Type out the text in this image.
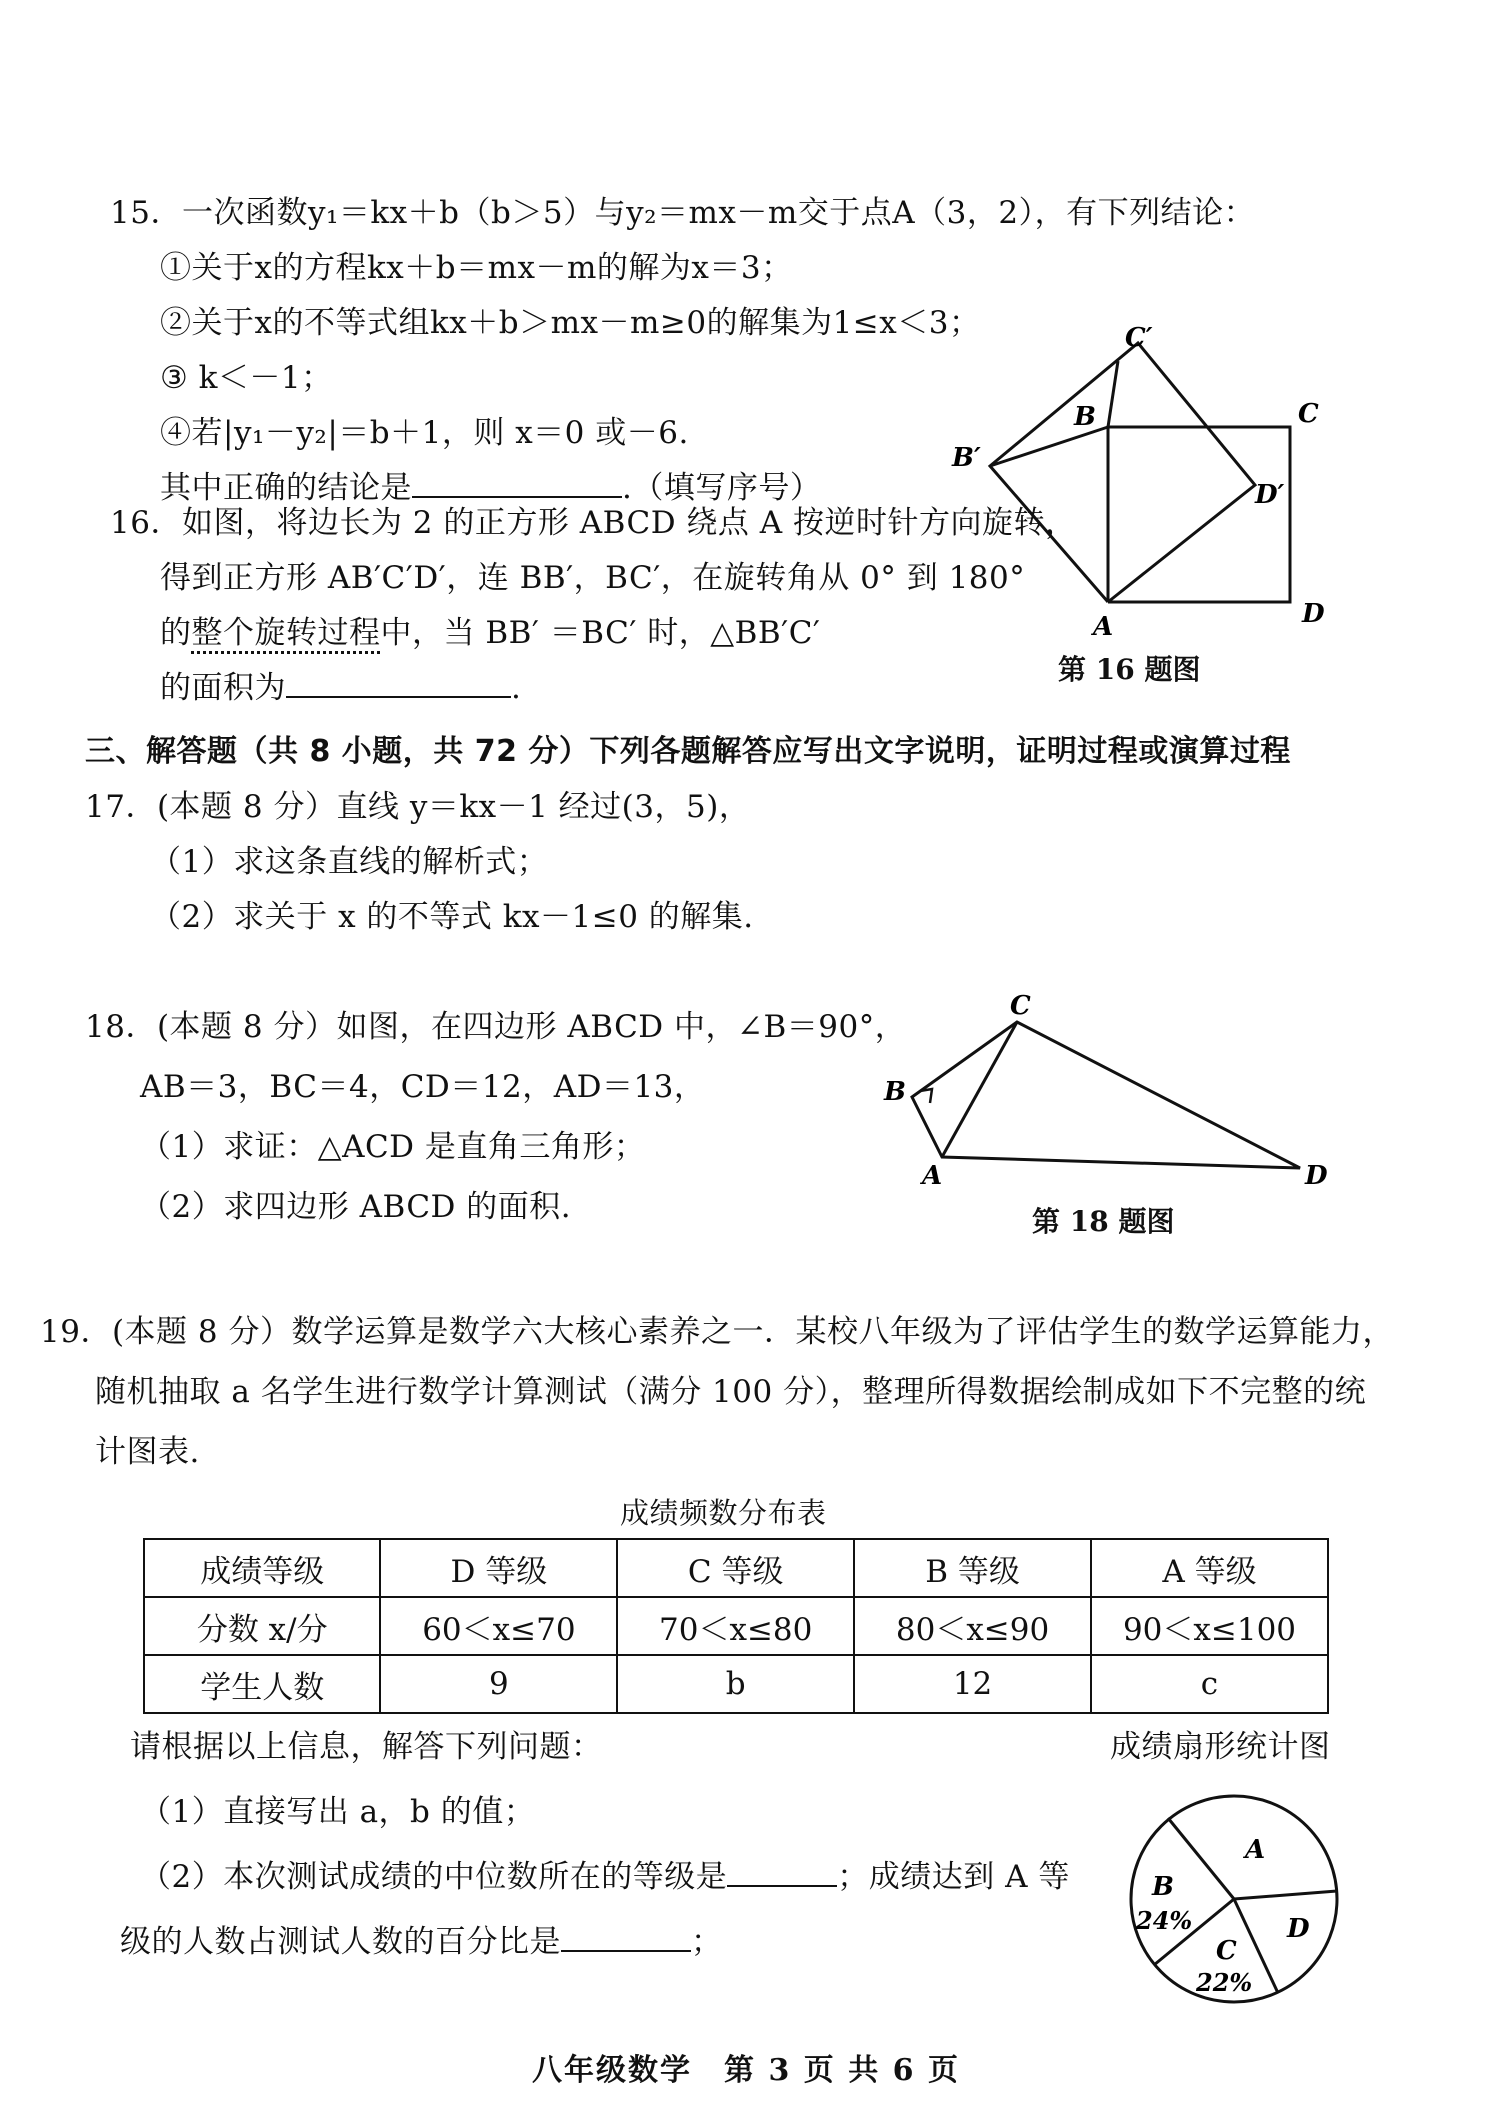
15．一次函数y₁＝kx＋b（b＞5）与y₂＝mx－m交于点A（3，2），有下列结论：
①关于x的方程kx＋b＝mx－m的解为x＝3；
②关于x的不等式组kx＋b＞mx－m≥0的解集为1≤x＜3；
③ k＜－1；
④若|y₁－y₂|＝b＋1，则 x＝0 或－6.
其中正确的结论是	.（填写序号）
16．如图，将边长为 2 的正方形 ABCD 绕点 A 按逆时针方向旋转，
得到正方形 AB′C′D′，连 BB′，BC′，在旋转角从 0° 到 180°
的整个旋转过程中，当 BB′ ＝BC′ 时，△BB′C′
的面积为	.
C′
B	C
B′
D′
A	D
第 16 题图
三、解答题（共 8 小题，共 72 分）下列各题解答应写出文字说明，证明过程或演算过程
17．(本题 8 分）直线 y＝kx－1 经过(3，5)，
（1）求这条直线的解析式；
（2）求关于 x 的不等式 kx－1≤0 的解集.
18．(本题 8 分）如图，在四边形 ABCD 中，∠B＝90°，
AB＝3，BC＝4，CD＝12，AD＝13，
（1）求证：△ACD 是直角三角形；
（2）求四边形 ABCD 的面积.
C
B
A	D
第 18 题图
19．(本题 8 分）数学运算是数学六大核心素养之一．某校八年级为了评估学生的数学运算能力，
随机抽取 a 名学生进行数学计算测试（满分 100 分），整理所得数据绘制成如下不完整的统
计图表.
成绩频数分布表
成绩等级	D 等级	C 等级	B 等级	A 等级
分数 x/分	60＜x≤70	70＜x≤80	80＜x≤90	90＜x≤100
学生人数	9	b	12	c
请根据以上信息，解答下列问题：	成绩扇形统计图
（1）直接写出 a，b 的值；
（2）本次测试成绩的中位数所在的等级是	；成绩达到 A 等
级的人数占测试人数的百分比是	；
A
B
24%
C
22%
D
八年级数学　第 3 页 共 6 页
